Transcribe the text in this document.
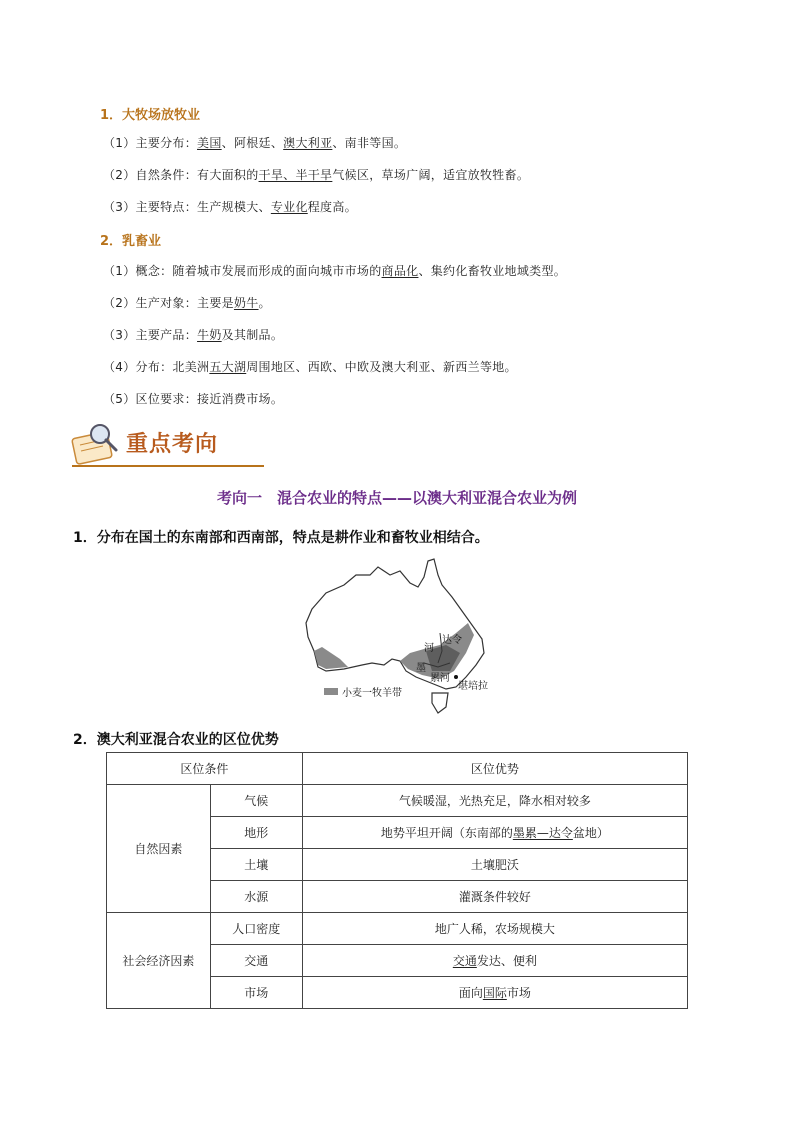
1．大牧场放牧业
（1）主要分布：美国、阿根廷、澳大利亚、南非等国。
（2）自然条件：有大面积的干旱、半干旱气候区，草场广阔，适宜放牧牲畜。
（3）主要特点：生产规模大、专业化程度高。
2．乳畜业
（1）概念：随着城市发展而形成的面向城市市场的商品化、集约化畜牧业地域类型。
（2）生产对象：主要是奶牛。
（3）主要产品：牛奶及其制品。
（4）分布：北美洲五大湖周围地区、西欧、中欧及澳大利亚、新西兰等地。
（5）区位要求：接近消费市场。
重点考向
考向一　混合农业的特点——以澳大利亚混合农业为例
1．分布在国土的东南部和西南部，特点是耕作业和畜牧业相结合。
河
达令
墨
累河
堪培拉
小麦一牧羊带
2．澳大利亚混合农业的区位优势
区位条件		区位优势
自然因素	气候	气候暖湿，光热充足，降水相对较多
	地形	地势平坦开阔（东南部的墨累—达令盆地）
	土壤	土壤肥沃
	水源	灌溉条件较好
社会经济因素	人口密度	地广人稀，农场规模大
	交通	交通发达、便利
	市场	面向国际市场
